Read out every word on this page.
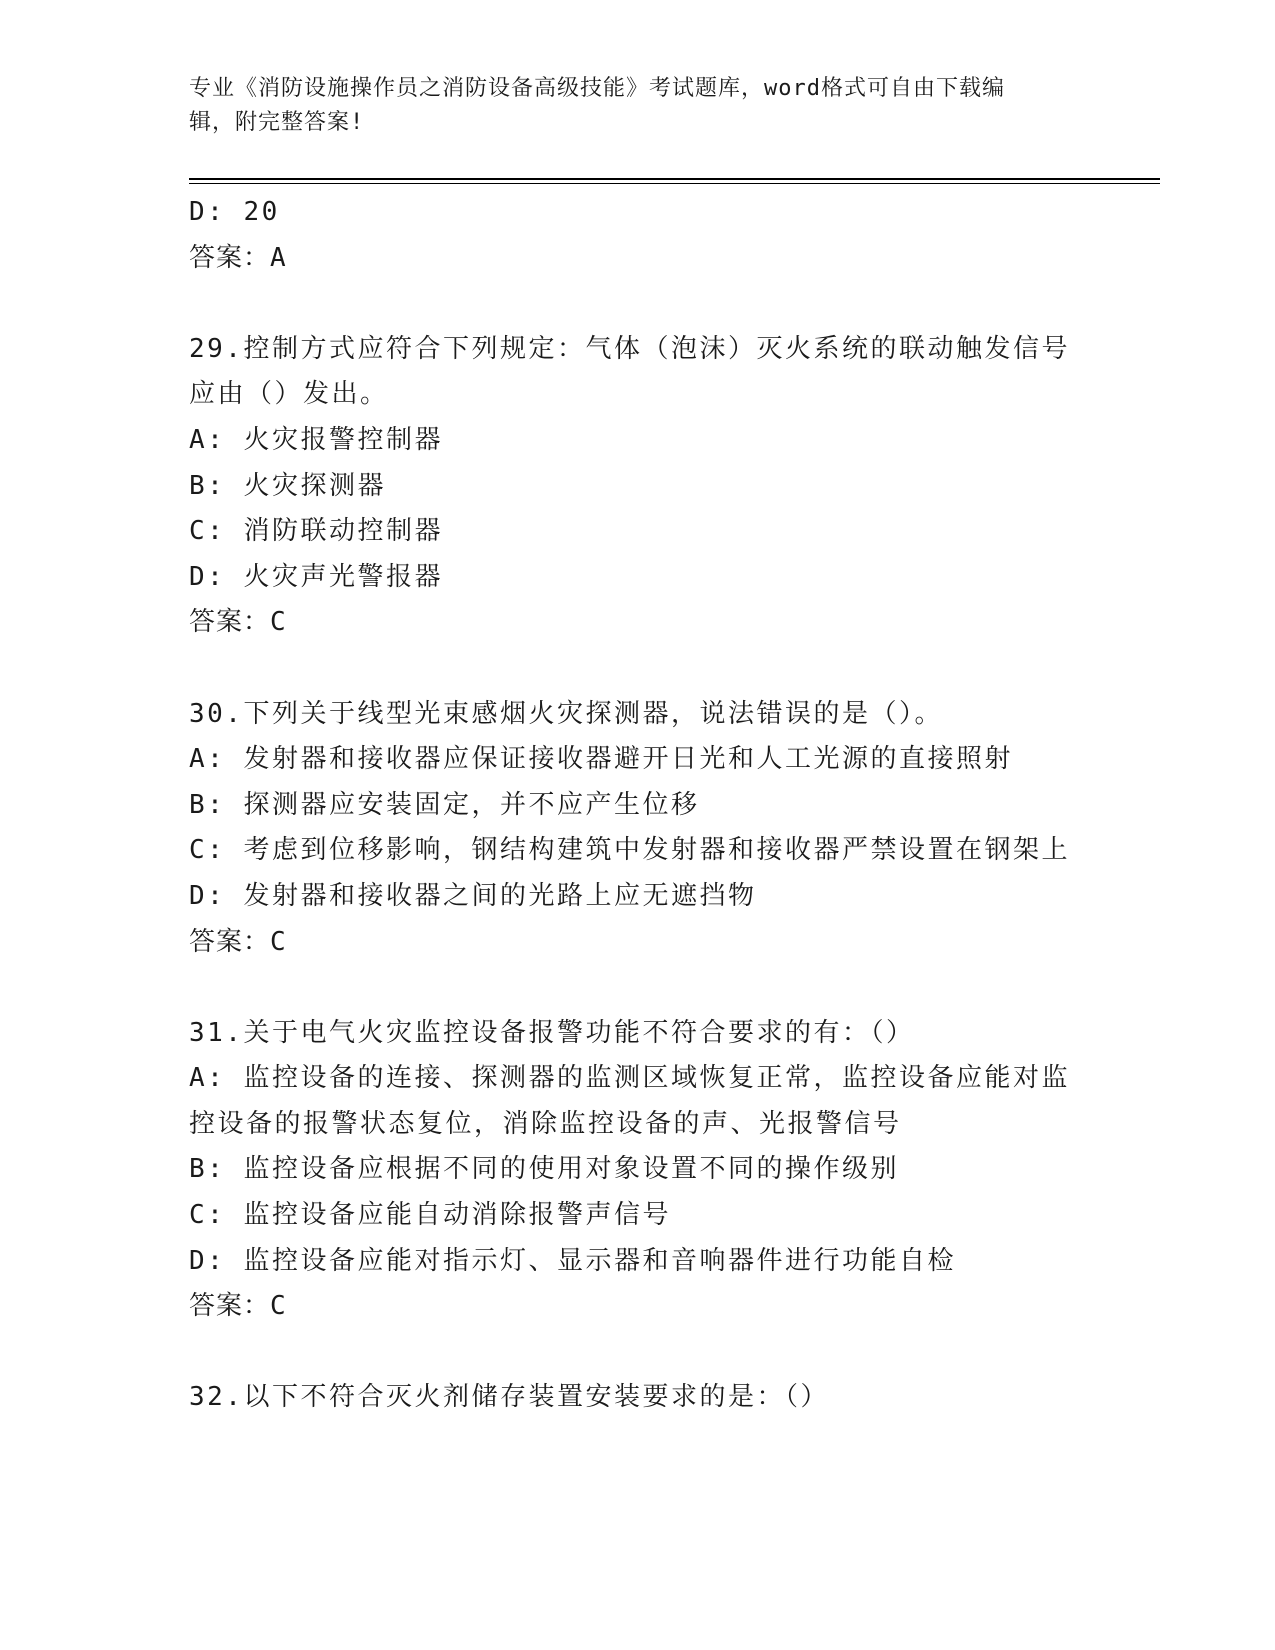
专业《消防设施操作员之消防设备高级技能》考试题库，word格式可自由下载编
辑，附完整答案!
D: 20
答案：A
29.控制方式应符合下列规定：气体（泡沫）灭火系统的联动触发信号
应由（）发出。
A: 火灾报警控制器
B: 火灾探测器
C: 消防联动控制器
D: 火灾声光警报器
答案：C
30.下列关于线型光束感烟火灾探测器，说法错误的是（）。
A: 发射器和接收器应保证接收器避开日光和人工光源的直接照射
B: 探测器应安装固定，并不应产生位移
C: 考虑到位移影响，钢结构建筑中发射器和接收器严禁设置在钢架上
D: 发射器和接收器之间的光路上应无遮挡物
答案：C
31.关于电气火灾监控设备报警功能不符合要求的有：（）
A: 监控设备的连接、探测器的监测区域恢复正常，监控设备应能对监
控设备的报警状态复位，消除监控设备的声、光报警信号
B: 监控设备应根据不同的使用对象设置不同的操作级别
C: 监控设备应能自动消除报警声信号
D: 监控设备应能对指示灯、显示器和音响器件进行功能自检
答案：C
32.以下不符合灭火剂储存装置安装要求的是：（）
